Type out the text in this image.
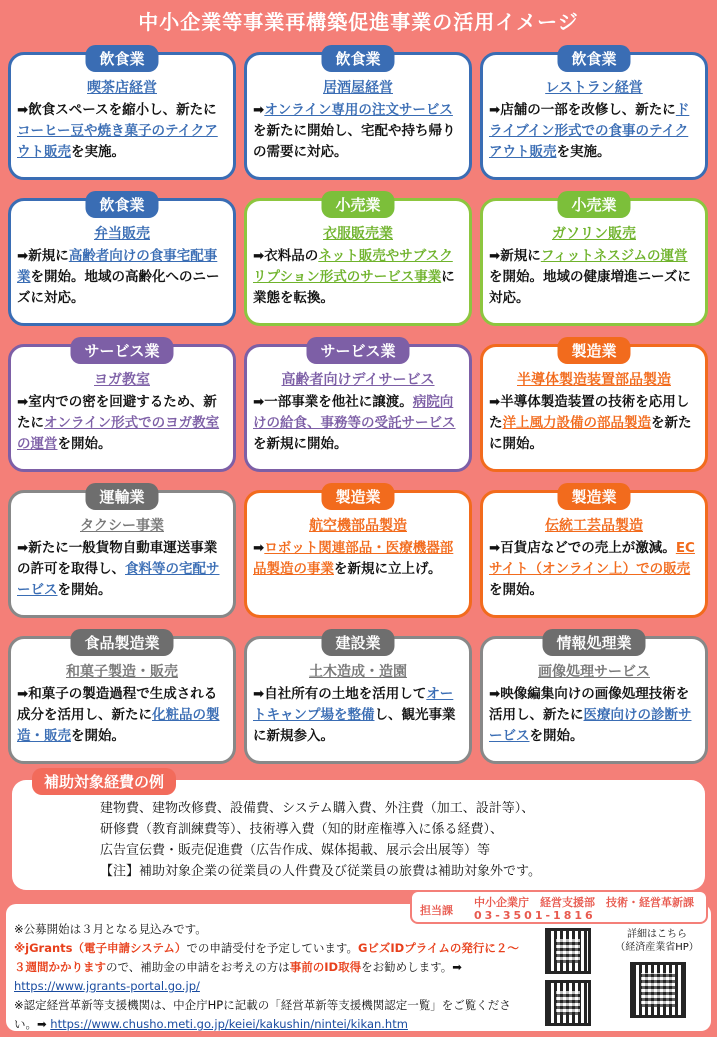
中小企業等事業再構築促進事業の活用イメージ
飲食業
喫茶店経営
➡飲食スペースを縮小し、新たにコーヒー豆や焼き菓子のテイクアウト販売を実施。
飲食業
居酒屋経営
➡オンライン専用の注文サービスを新たに開始し、宅配や持ち帰りの需要に対応。
飲食業
レストラン経営
➡店舗の一部を改修し、新たにドライブイン形式での食事のテイクアウト販売を実施。
飲食業
弁当販売
➡新規に高齢者向けの食事宅配事業を開始。地域の高齢化へのニーズに対応。
小売業
衣服販売業
➡衣料品のネット販売やサブスクリプション形式のサービス事業に業態を転換。
小売業
ガソリン販売
➡新規にフィットネスジムの運営を開始。地域の健康増進ニーズに対応。
サービス業
ヨガ教室
➡室内での密を回避するため、新たにオンライン形式でのヨガ教室の運営を開始。
サービス業
高齢者向けデイサービス
➡一部事業を他社に譲渡。病院向けの給食、事務等の受託サービスを新規に開始。
製造業
半導体製造装置部品製造
➡半導体製造装置の技術を応用した洋上風力設備の部品製造を新たに開始。
運輸業
タクシー事業
➡新たに一般貨物自動車運送事業の許可を取得し、食料等の宅配サービスを開始。
製造業
航空機部品製造
➡ロボット関連部品・医療機器部品製造の事業を新規に立上げ。
製造業
伝統工芸品製造
➡百貨店などでの売上が激減。ECサイト（オンライン上）での販売を開始。
食品製造業
和菓子製造・販売
➡和菓子の製造過程で生成される成分を活用し、新たに化粧品の製造・販売を開始。
建設業
土木造成・造園
➡自社所有の土地を活用してオートキャンプ場を整備し、観光事業に新規参入。
情報処理業
画像処理サービス
➡映像編集向けの画像処理技術を活用し、新たに医療向けの診断サービスを開始。
補助対象経費の例
建物費、建物改修費、設備費、システム購入費、外注費（加工、設計等）、
研修費（教育訓練費等）、技術導入費（知的財産権導入に係る経費）、
広告宣伝費・販売促進費（広告作成、媒体掲載、展示会出展等）等
【注】補助対象企業の従業員の人件費及び従業員の旅費は補助対象外です。
担当課
中小企業庁　経営支援部　技術・経営革新課
03-3501-1816
※公募開始は３月となる見込みです。
※jGrants（電子申請システム）での申請受付を予定しています。GビズIDプライムの発行に２～３週間かかりますので、補助金の申請をお考えの方は事前のID取得をお勧めします。➡ https://www.jgrants-portal.go.jp/
※認定経営革新等支援機関は、中企庁HPに記載の「経営革新等支援機関認定一覧」をご覧ください。➡ https://www.chusho.meti.go.jp/keiei/kakushin/nintei/kikan.htm
詳細はこちら
（経済産業省HP）
